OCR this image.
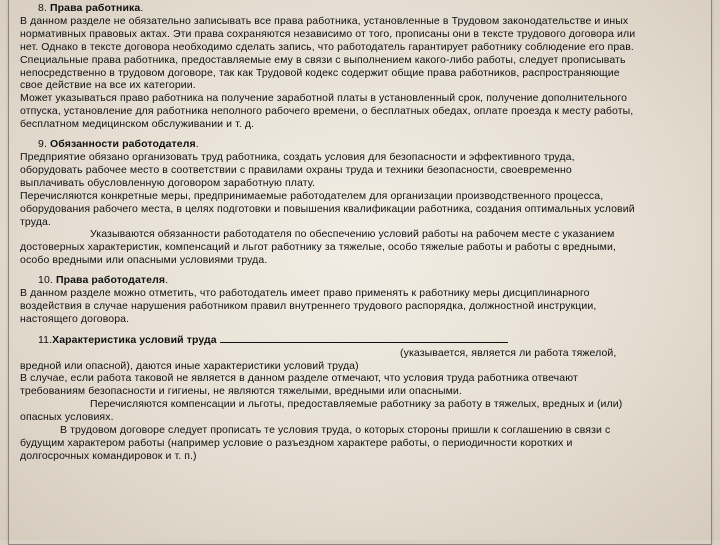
8. Права работника.
В данном разделе не обязательно записывать все права работника, установленные в Трудовом законодательстве и иных
нормативных правовых актах. Эти права сохраняются независимо от того, прописаны они в тексте трудового договора или
нет. Однако в тексте договора необходимо сделать запись, что работодатель гарантирует работнику соблюдение его прав.
Специальные права работника, предоставляемые ему в связи с выполнением какого-либо работы, следует прописывать
непосредственно в трудовом договоре, так как Трудовой кодекс содержит общие права работников, распространяющие
свое действие на все их категории.
Может указываться право работника на получение заработной платы в установленный срок, получение дополнительного
отпуска, установление для работника неполного рабочего времени, о бесплатных обедах, оплате проезда к месту работы,
бесплатном медицинском обслуживании и т. д.
9. Обязанности работодателя.
Предприятие обязано организовать труд работника, создать условия для безопасности и эффективного труда,
оборудовать рабочее место в соответствии с правилами охраны труда и техники безопасности, своевременно
выплачивать обусловленную договором заработную плату.
Перечисляются конкретные меры, предпринимаемые работодателем для организации производственного процесса,
оборудования рабочего места, в целях подготовки и повышения квалификации работника, создания оптимальных условий
труда.
Указываются обязанности работодателя по обеспечению условий работы на рабочем месте с указанием
достоверных характеристик, компенсаций и льгот работнику за тяжелые, особо тяжелые работы и работы с вредными,
особо вредными или опасными условиями труда.
10. Права работодателя.
В данном разделе можно отметить, что работодатель имеет право применять к работнику меры дисциплинарного
воздействия в случае нарушения работником правил внутреннего трудового распорядка, должностной инструкции,
настоящего договора.
11.Характеристика условий труда
(указывается, является ли работа тяжелой,
вредной или опасной), даются иные характеристики условий труда)
В случае, если работа таковой не является в данном разделе отмечают, что условия труда работника отвечают
требованиям безопасности и гигиены, не являются тяжелыми, вредными или опасными.
Перечисляются компенсации и льготы, предоставляемые работнику за работу в тяжелых, вредных и (или)
опасных условиях.
В трудовом договоре следует прописать те условия труда, о которых стороны пришли к соглашению в связи с
будущим характером работы (например условие о разъездном характере работы, о периодичности коротких и
долгосрочных командировок и т. п.)
